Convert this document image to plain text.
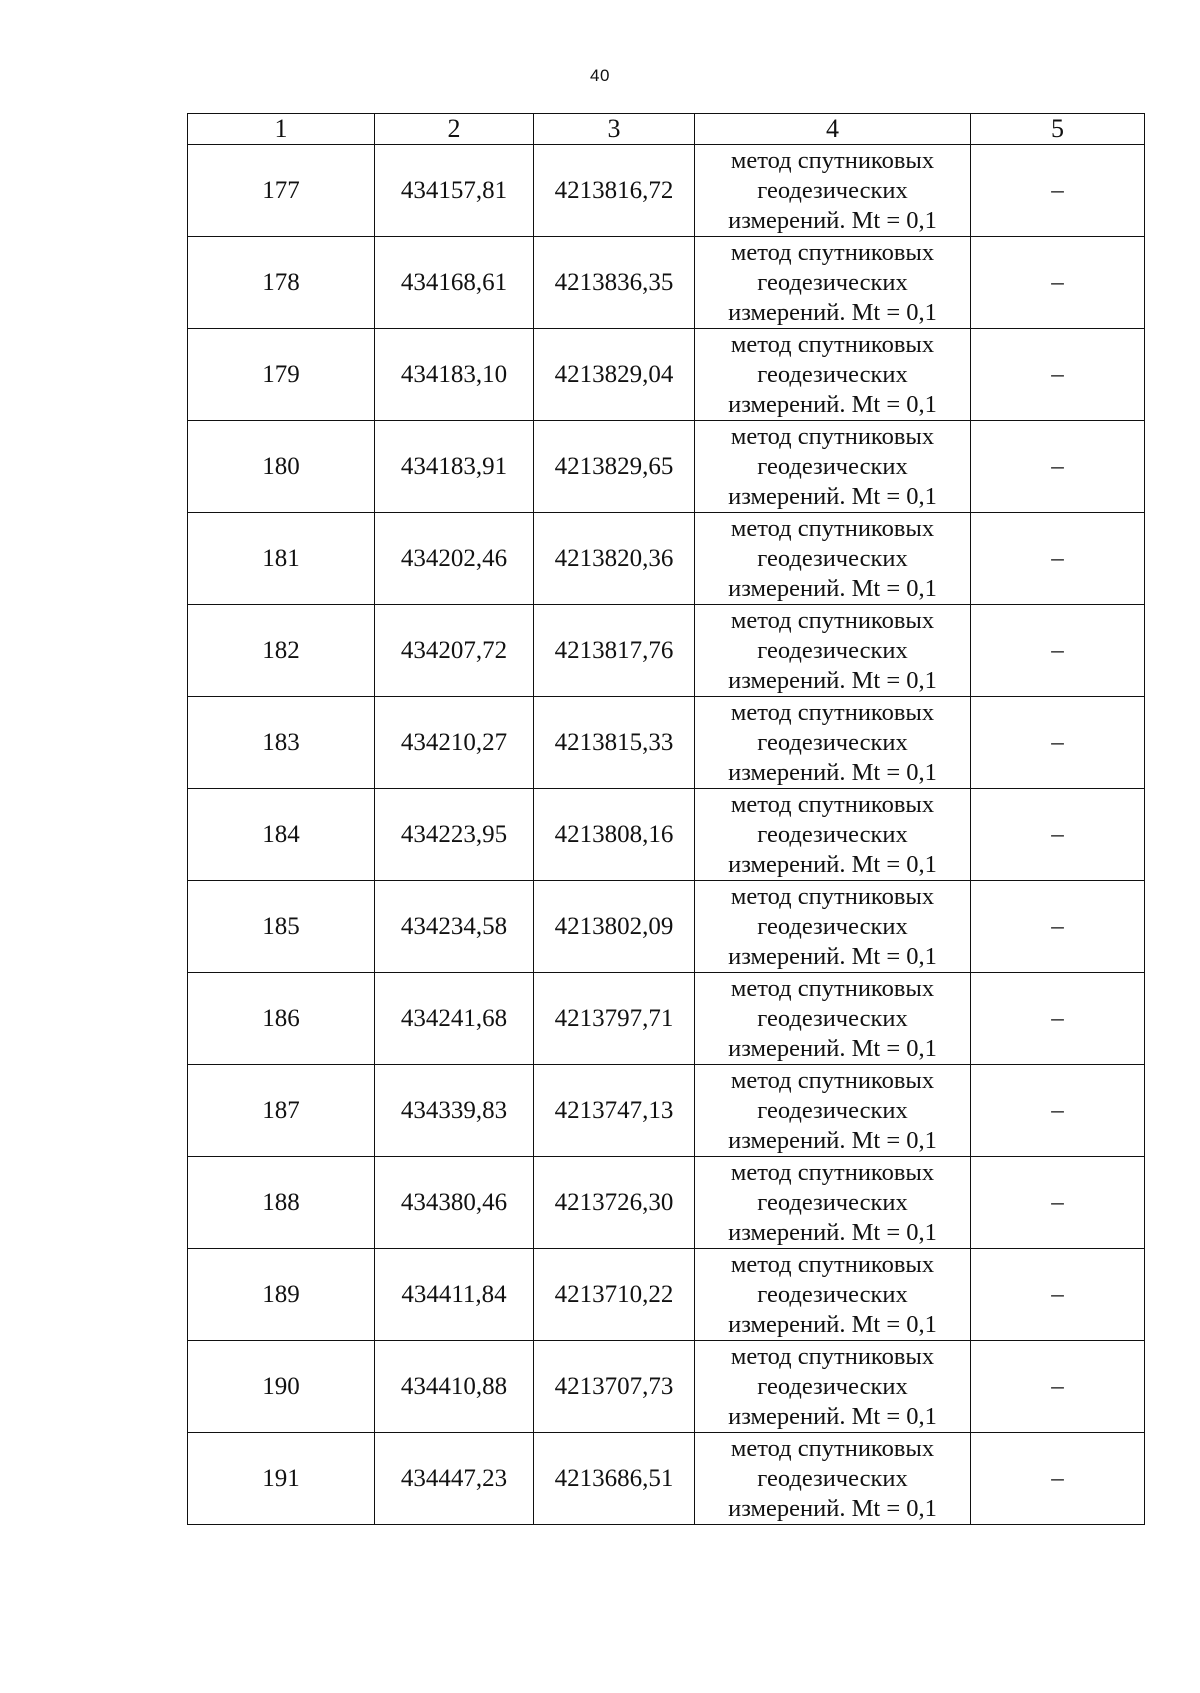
40
1	2	3	4	5
177	434157,81	4213816,72	метод спутниковых
геодезических
измерений. Mt = 0,1	–
178	434168,61	4213836,35	метод спутниковых
геодезических
измерений. Mt = 0,1	–
179	434183,10	4213829,04	метод спутниковых
геодезических
измерений. Mt = 0,1	–
180	434183,91	4213829,65	метод спутниковых
геодезических
измерений. Mt = 0,1	–
181	434202,46	4213820,36	метод спутниковых
геодезических
измерений. Mt = 0,1	–
182	434207,72	4213817,76	метод спутниковых
геодезических
измерений. Mt = 0,1	–
183	434210,27	4213815,33	метод спутниковых
геодезических
измерений. Mt = 0,1	–
184	434223,95	4213808,16	метод спутниковых
геодезических
измерений. Mt = 0,1	–
185	434234,58	4213802,09	метод спутниковых
геодезических
измерений. Mt = 0,1	–
186	434241,68	4213797,71	метод спутниковых
геодезических
измерений. Mt = 0,1	–
187	434339,83	4213747,13	метод спутниковых
геодезических
измерений. Mt = 0,1	–
188	434380,46	4213726,30	метод спутниковых
геодезических
измерений. Mt = 0,1	–
189	434411,84	4213710,22	метод спутниковых
геодезических
измерений. Mt = 0,1	–
190	434410,88	4213707,73	метод спутниковых
геодезических
измерений. Mt = 0,1	–
191	434447,23	4213686,51	метод спутниковых
геодезических
измерений. Mt = 0,1	–
